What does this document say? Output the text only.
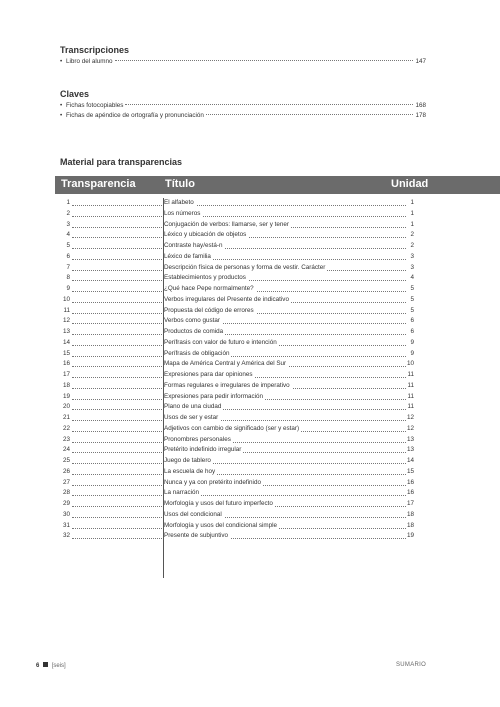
Transcripciones
• Libro del alumno	147
Claves
• Fichas fotocopiables	168
• Fichas de apéndice de ortografía y pronunciación	178
Material para transparencias
Transparencia	Título	Unidad
1	El alfabeto	1
2	Los números	1
3	Conjugación de verbos: llamarse, ser y tener	1
4	Léxico y ubicación de objetos	2
5	Contraste hay/está-n	2
6	Léxico de familia	3
7	Descripción física de personas y forma de vestir. Carácter	3
8	Establecimientos y productos	4
9	¿Qué hace Pepe normalmente?	5
10	Verbos irregulares del Presente de indicativo	5
11	Propuesta del código de errores	5
12	Verbos como gustar	6
13	Productos de comida	6
14	Perífrasis con valor de futuro e intención	9
15	Perífrasis de obligación	9
16	Mapa de América Central y América del Sur	10
17	Expresiones para dar opiniones	11
18	Formas regulares e irregulares de imperativo	11
19	Expresiones para pedir información	11
20	Plano de una ciudad	11
21	Usos de ser y estar	12
22	Adjetivos con cambio de significado (ser y estar)	12
23	Pronombres personales	13
24	Pretérito indefinido irregular	13
25	Juego de tablero	14
26	La escuela de hoy	15
27	Nunca y ya con pretérito indefinido	16
28	La narración	16
29	Morfología y usos del futuro imperfecto	17
30	Usos del condicional	18
31	Morfología y usos del condicional simple	18
32	Presente de subjuntivo	19
6 [seis]	SUMARIO
